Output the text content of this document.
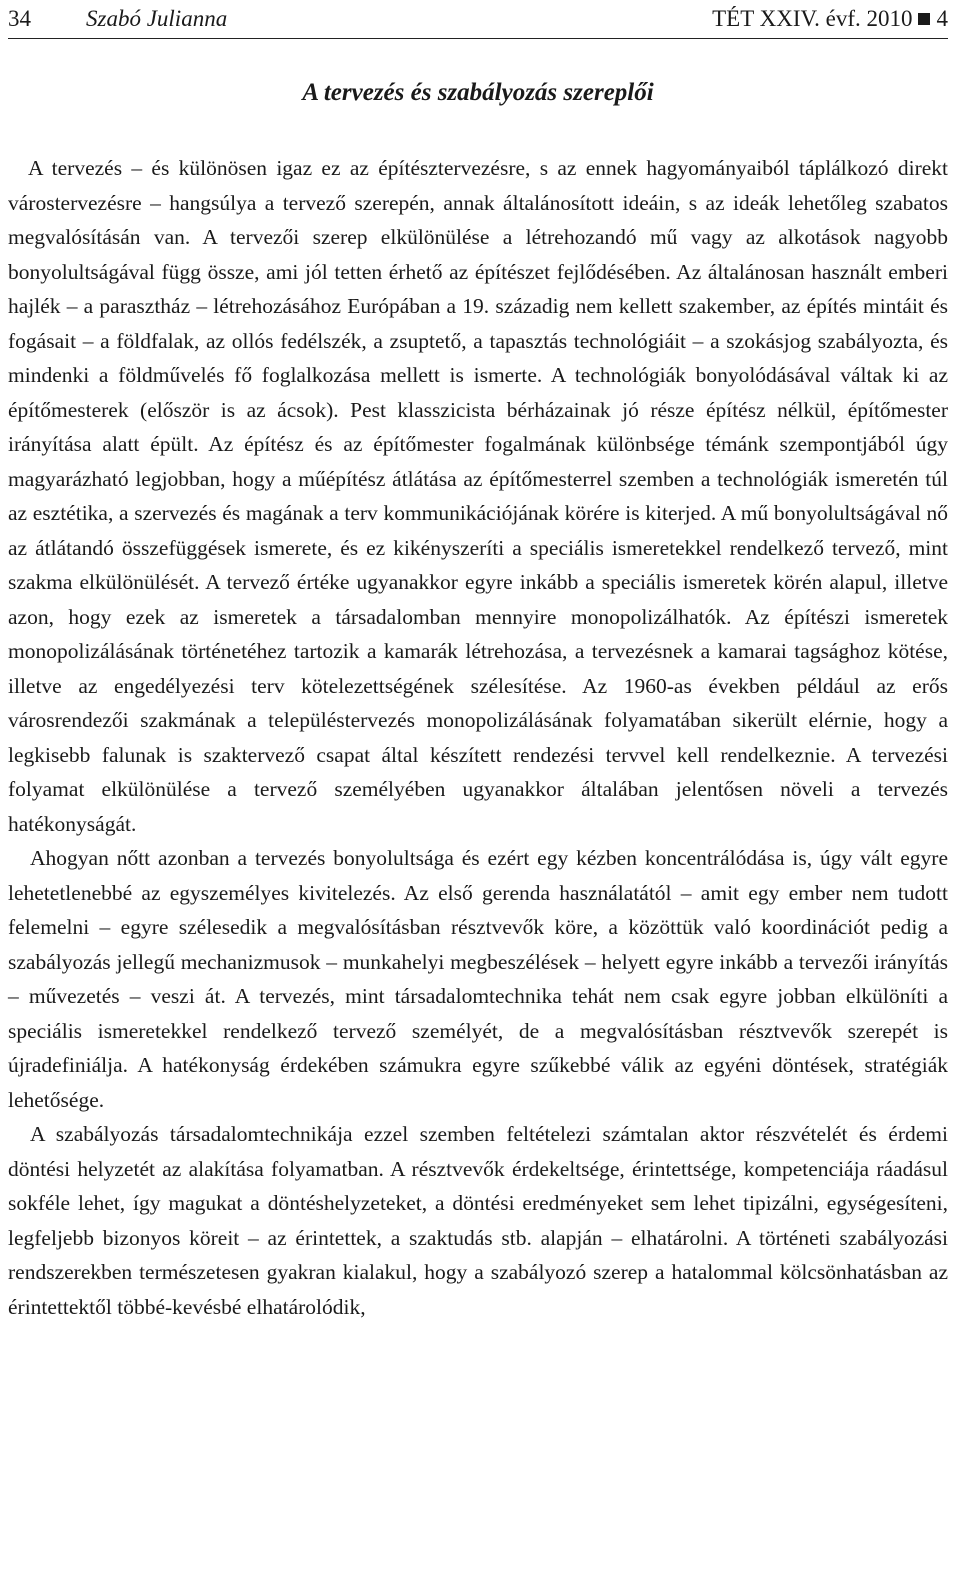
34 Szabó Julianna	TÉT XXIV. évf. 2010 4
A tervezés és szabályozás szereplői

A tervezés – és különösen igaz ez az építésztervezésre, s az ennek hagyományaiból táplálkozó direkt várostervezésre – hangsúlya a tervező szerepén, annak általánosított ideáin, s az ideák lehetőleg szabatos megvalósításán van. A tervezői szerep elkülönülése a létrehozandó mű vagy az alkotások nagyobb bonyolultságával függ össze, ami jól tetten érhető az építészet fejlődésében. Az általánosan használt emberi hajlék – a parasztház – létrehozásához Európában a 19. századig nem kellett szakember, az építés mintáit és fogásait – a földfalak, az ollós fedélszék, a zsuptető, a tapasztás technológiáit – a szokásjog szabályozta, és mindenki a földművelés fő foglalkozása mellett is ismerte. A technológiák bonyolódásával váltak ki az építőmesterek (először is az ácsok). Pest klasszicista bérházainak jó része építész nélkül, építőmester irányítása alatt épült. Az építész és az építőmester fogalmának különbsége témánk szempontjából úgy magyarázható legjobban, hogy a műépítész átlátása az építőmesterrel szemben a technológiák ismeretén túl az esztétika, a szervezés és magának a terv kommunikációjának körére is kiterjed. A mű bonyolultságával nő az átlátandó összefüggések ismerete, és ez kikényszeríti a speciális ismeretekkel rendelkező tervező, mint szakma elkülönülését. A tervező értéke ugyanakkor egyre inkább a speciális ismeretek körén alapul, illetve azon, hogy ezek az ismeretek a társadalomban mennyire monopolizálhatók. Az építészi ismeretek monopolizálásának történetéhez tartozik a kamarák létrehozása, a tervezésnek a kamarai tagsághoz kötése, illetve az engedélyezési terv kötelezettségének szélesítése. Az 1960-as években például az erős városrendezői szakmának a településtervezés monopolizálásának folyamatában sikerült elérnie, hogy a legkisebb falunak is szaktervező csapat által készített rendezési tervvel kell rendelkeznie. A tervezési folyamat elkülönülése a tervező személyében ugyanakkor általában jelentősen növeli a tervezés hatékonyságát.

Ahogyan nőtt azonban a tervezés bonyolultsága és ezért egy kézben koncentrálódása is, úgy vált egyre lehetetlenebbé az egyszemélyes kivitelezés. Az első gerenda használatától – amit egy ember nem tudott felemelni – egyre szélesedik a megvalósításban résztvevők köre, a közöttük való koordinációt pedig a szabályozás jellegű mechanizmusok – munkahelyi megbeszélések – helyett egyre inkább a tervezői irányítás – művezetés – veszi át. A tervezés, mint társadalomtechnika tehát nem csak egyre jobban elkülöníti a speciális ismeretekkel rendelkező tervező személyét, de a megvalósításban résztvevők szerepét is újradefiniálja. A hatékonyság érdekében számukra egyre szűkebbé válik az egyéni döntések, stratégiák lehetősége.

A szabályozás társadalomtechnikája ezzel szemben feltételezi számtalan aktor részvételét és érdemi döntési helyzetét az alakítása folyamatban. A résztvevők érdekeltsége, érintettsége, kompetenciája ráadásul sokféle lehet, így magukat a döntéshelyzeteket, a döntési eredményeket sem lehet tipizálni, egységesíteni, legfeljebb bizonyos köreit – az érintettek, a szaktudás stb. alapján – elhatárolni. A történeti szabályozási rendszerekben természetesen gyakran kialakul, hogy a szabályozó szerep a hatalommal kölcsönhatásban az érintettektől többé-kevésbé elhatárolódik,
